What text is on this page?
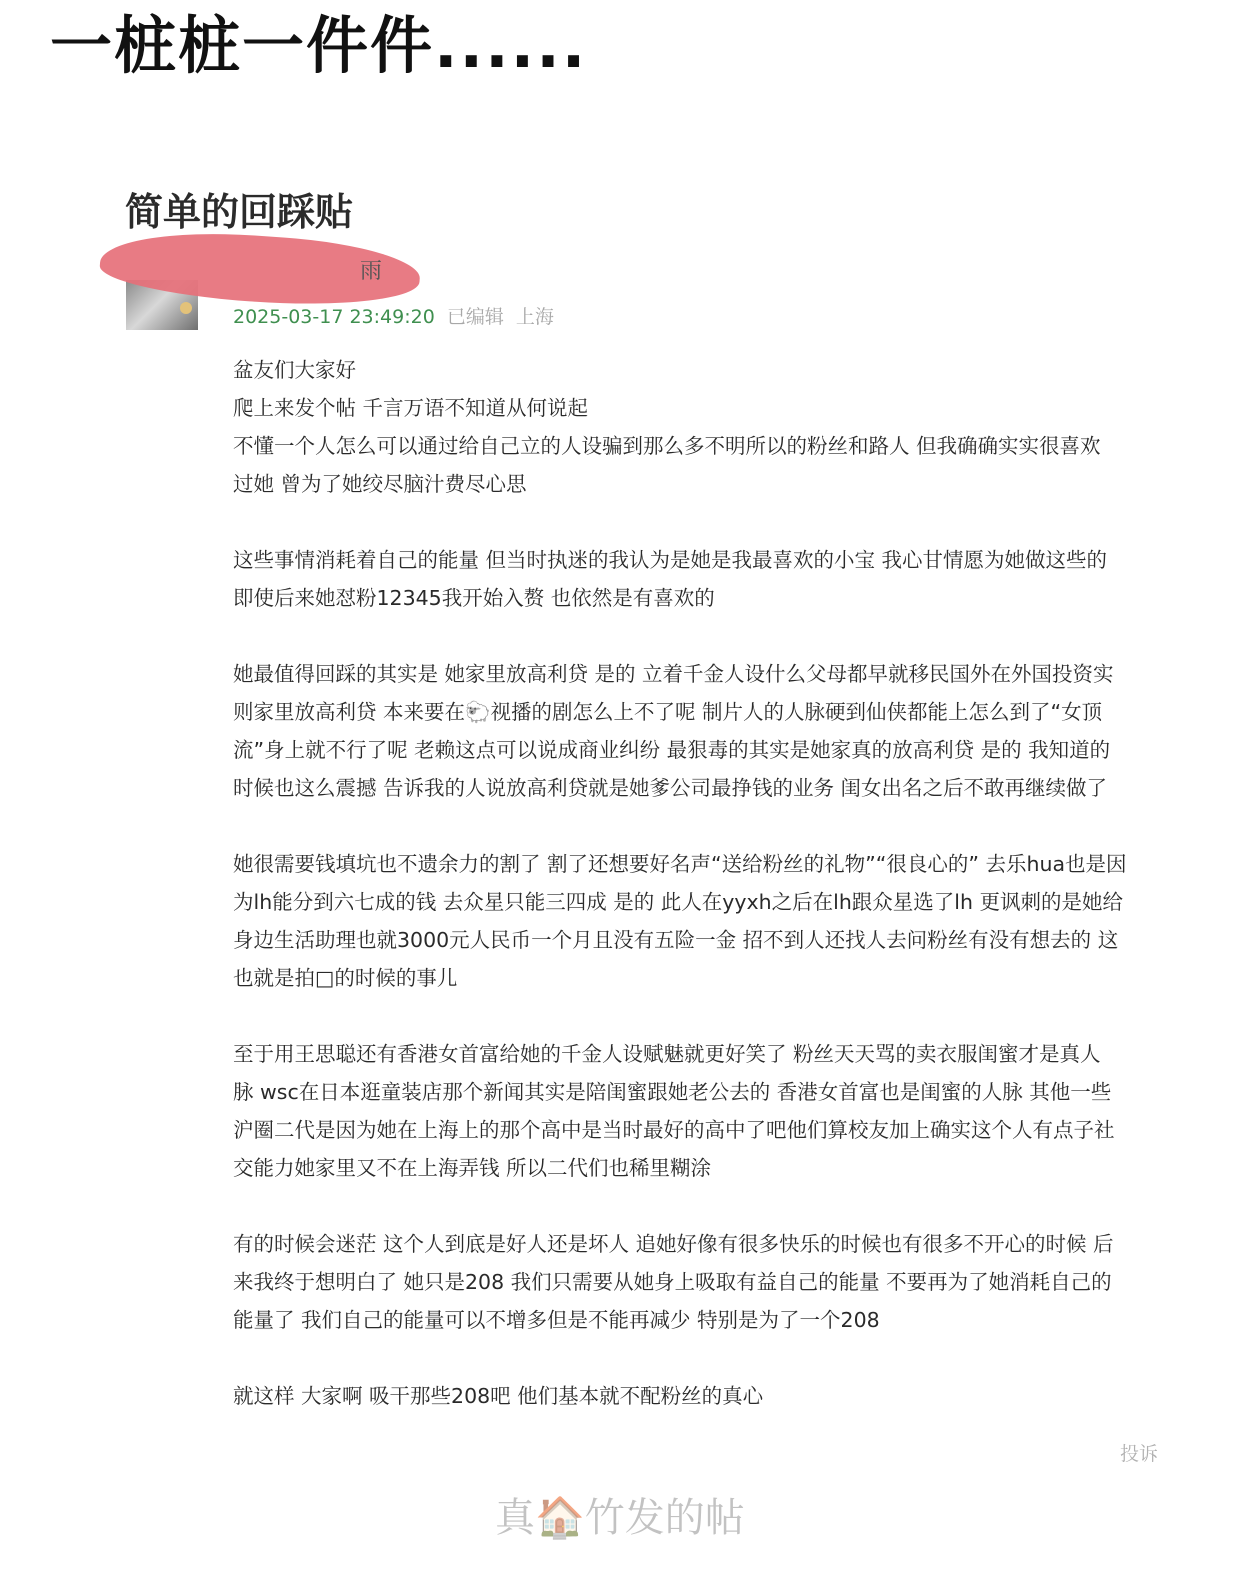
一桩桩一件件......
简单的回踩贴
雨
2025-03-17 23:49:20 已编辑 上海
盆友们大家好
爬上来发个帖 千言万语不知道从何说起
不懂一个人怎么可以通过给自己立的人设骗到那么多不明所以的粉丝和路人 但我确确实实很喜欢
过她 曾为了她绞尽脑汁费尽心思
这些事情消耗着自己的能量 但当时执迷的我认为是她是我最喜欢的小宝 我心甘情愿为她做这些的
即使后来她怼粉12345我开始入赘 也依然是有喜欢的
她最值得回踩的其实是 她家里放高利贷 是的 立着千金人设什么父母都早就移民国外在外国投资实
则家里放高利贷 本来要在🐑视播的剧怎么上不了呢 制片人的人脉硬到仙侠都能上怎么到了“女顶
流”身上就不行了呢 老赖这点可以说成商业纠纷 最狠毒的其实是她家真的放高利贷 是的 我知道的
时候也这么震撼 告诉我的人说放高利贷就是她爹公司最挣钱的业务 闺女出名之后不敢再继续做了
她很需要钱填坑也不遗余力的割了 割了还想要好名声“送给粉丝的礼物”“很良心的” 去乐hua也是因
为lh能分到六七成的钱 去众星只能三四成 是的 此人在yyxh之后在lh跟众星选了lh 更讽刺的是她给
身边生活助理也就3000元人民币一个月且没有五险一金 招不到人还找人去问粉丝有没有想去的 这
也就是拍□的时候的事儿
至于用王思聪还有香港女首富给她的千金人设赋魅就更好笑了 粉丝天天骂的卖衣服闺蜜才是真人
脉 wsc在日本逛童装店那个新闻其实是陪闺蜜跟她老公去的 香港女首富也是闺蜜的人脉 其他一些
沪圈二代是因为她在上海上的那个高中是当时最好的高中了吧他们算校友加上确实这个人有点子社
交能力她家里又不在上海弄钱 所以二代们也稀里糊涂
有的时候会迷茫 这个人到底是好人还是坏人 追她好像有很多快乐的时候也有很多不开心的时候 后
来我终于想明白了 她只是208 我们只需要从她身上吸取有益自己的能量 不要再为了她消耗自己的
能量了 我们自己的能量可以不增多但是不能再减少 特别是为了一个208
就这样 大家啊 吸干那些208吧 他们基本就不配粉丝的真心
投诉
真🏠竹发的帖
